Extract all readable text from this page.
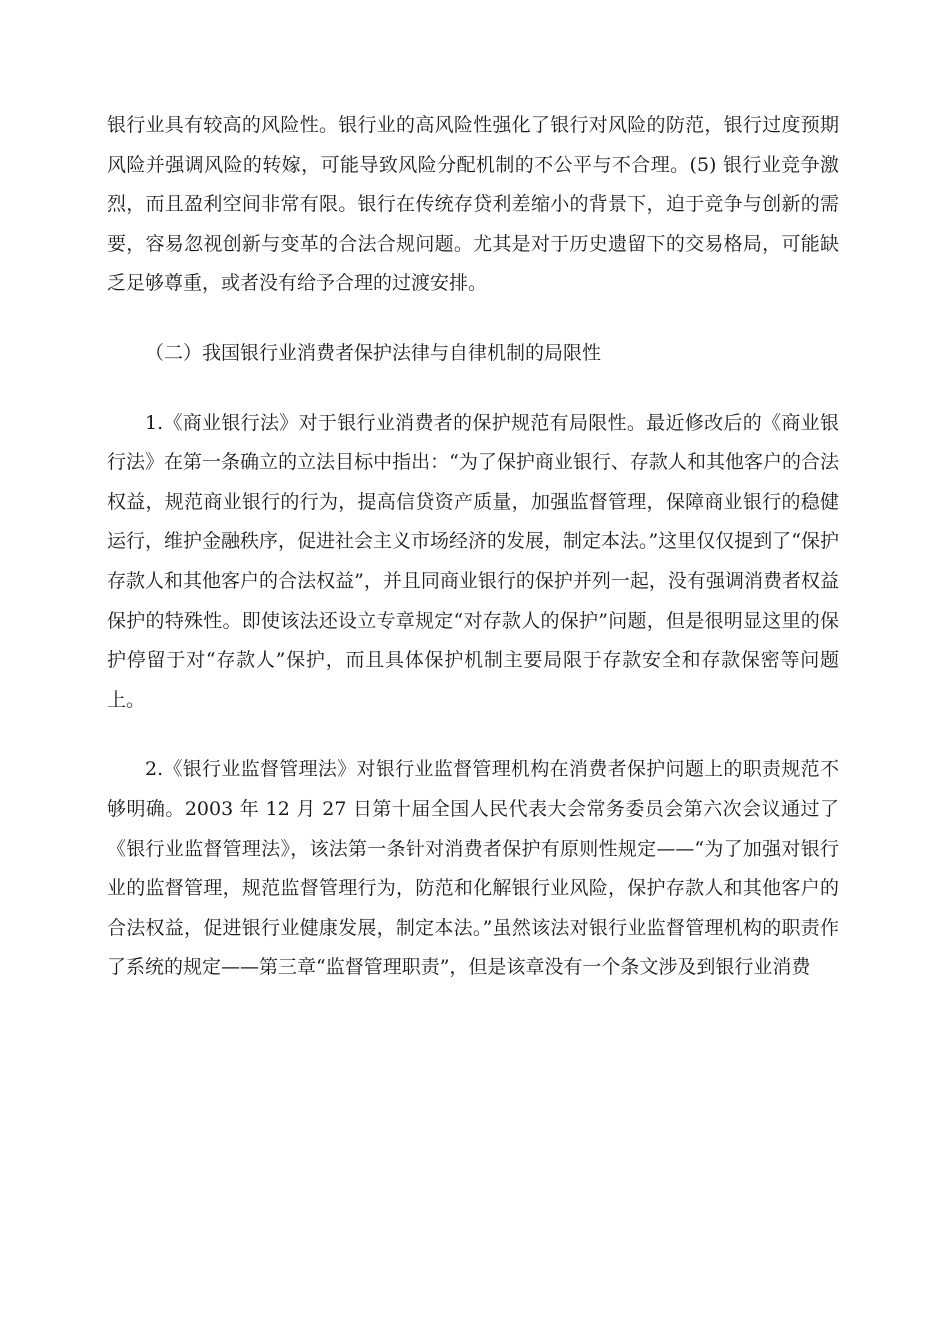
银行业具有较高的风险性。银行业的高风险性强化了银行对风险的防范，银行过度预期风险并强调风险的转嫁，可能导致风险分配机制的不公平与不合理。(5) 银行业竞争激烈，而且盈利空间非常有限。银行在传统存贷利差缩小的背景下，迫于竞争与创新的需要，容易忽视创新与变革的合法合规问题。尤其是对于历史遗留下的交易格局，可能缺乏足够尊重，或者没有给予合理的过渡安排。

（二）我国银行业消费者保护法律与自律机制的局限性

1.《商业银行法》对于银行业消费者的保护规范有局限性。最近修改后的《商业银行法》在第一条确立的立法目标中指出：“为了保护商业银行、存款人和其他客户的合法权益，规范商业银行的行为，提高信贷资产质量，加强监督管理，保障商业银行的稳健运行，维护金融秩序，促进社会主义市场经济的发展，制定本法。”这里仅仅提到了“保护存款人和其他客户的合法权益”，并且同商业银行的保护并列一起，没有强调消费者权益保护的特殊性。即使该法还设立专章规定“对存款人的保护”问题，但是很明显这里的保护停留于对“存款人”保护，而且具体保护机制主要局限于存款安全和存款保密等问题上。

2.《银行业监督管理法》对银行业监督管理机构在消费者保护问题上的职责规范不够明确。2003 年 12 月 27 日第十届全国人民代表大会常务委员会第六次会议通过了《银行业监督管理法》，该法第一条针对消费者保护有原则性规定——“为了加强对银行业的监督管理，规范监督管理行为，防范和化解银行业风险，保护存款人和其他客户的合法权益，促进银行业健康发展，制定本法。”虽然该法对银行业监督管理机构的职责作了系统的规定——第三章“监督管理职责”，但是该章没有一个条文涉及到银行业消费
